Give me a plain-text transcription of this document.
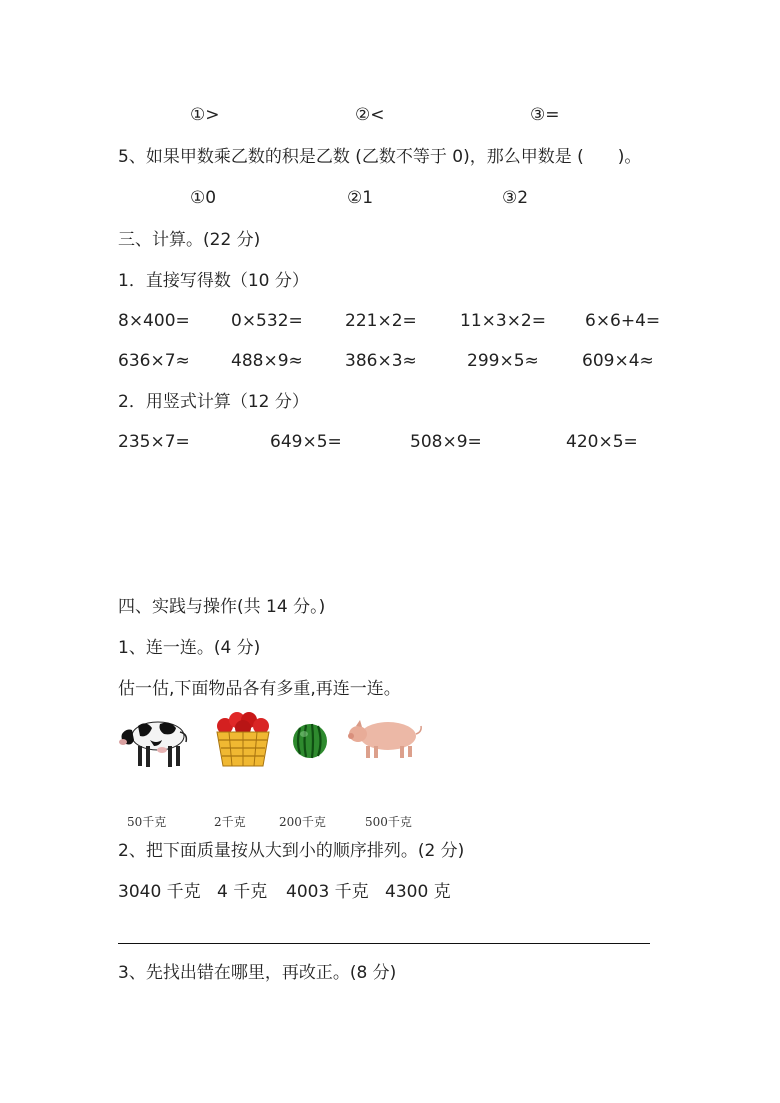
①>	②<	③=
5、如果甲数乘乙数的积是乙数 (乙数不等于 0)，那么甲数是 (　　)。
①0	②1	③2
三、计算。(22 分)
1．直接写得数（10 分）
8×400= 0×532= 221×2=	11×3×2= 6×6+4=
636×7≈ 488×9≈ 386×3≈	299×5≈	609×4≈
2．用竖式计算（12 分）
235×7=	649×5=	508×9=	420×5=
四、实践与操作(共 14 分。)
1、连一连。(4 分)
估一估,下面物品各有多重,再连一连。
50千克	2千克	200千克	500千克
2、把下面质量按从大到小的顺序排列。(2 分)
3040 千克 4 千克 4003 千克 4300 克
3、先找出错在哪里，再改正。(8 分)
